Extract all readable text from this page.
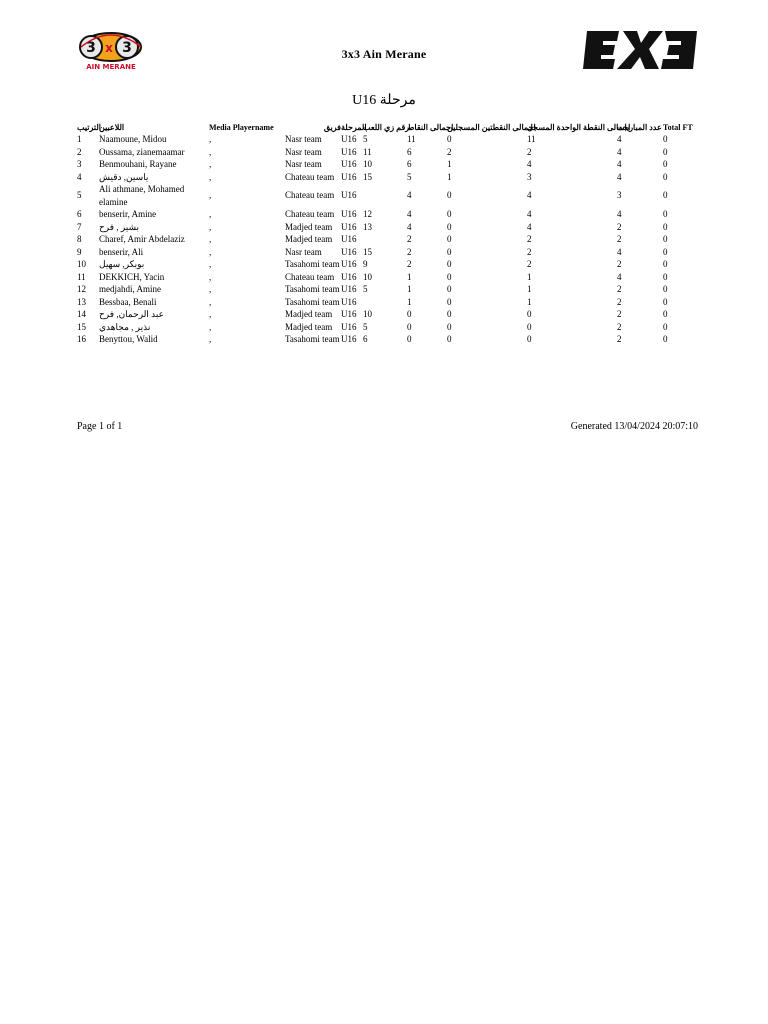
3 x 3
AIN MERANE
3x3 Ain Merane
مرحلة U16
الترتيب	اللاعبين	Media Playername	فريق	المرحلة	رقم زي اللعب	اجمالى النقاط	اجمالى النقطتين المسجلين	اجمالى النقطة الواحدة المسجل	عدد المباريات	Total FT
1	Naamoune, Midou	,	Nasr team	U16	5	11	0	11	4	0
2	Oussama, zianemaamar	,	Nasr team	U16	11	6	2	2	4	0
3	Benmouhani, Rayane	,	Nasr team	U16	10	6	1	4	4	0
4	ياسين, دقيش	,	Chateau team	U16	15	5	1	3	4	0
5	Ali athmane, Mohamed elamine	,	Chateau team	U16		4	0	4	3	0
6	benserir, Amine	,	Chateau team	U16	12	4	0	4	4	0
7	بشير , فرح	,	Madjed team	U16	13	4	0	4	2	0
8	Charef, Amir Abdelaziz	,	Madjed team	U16		2	0	2	2	0
9	benserir, Ali	,	Nasr team	U16	15	2	0	2	4	0
10	بوبكر, سهيل	,	Tasahomi team	U16	9	2	0	2	2	0
11	DEKKICH, Yacin	,	Chateau team	U16	10	1	0	1	4	0
12	medjahdi, Amine	,	Tasahomi team	U16	5	1	0	1	2	0
13	Bessbaa, Benali	,	Tasahomi team	U16		1	0	1	2	0
14	عبد الرحمان, فرح	,	Madjed team	U16	10	0	0	0	2	0
15	نذير , مجاهدي	,	Madjed team	U16	5	0	0	0	2	0
16	Benyttou, Walid	,	Tasahomi team	U16	6	0	0	0	2	0
Page 1 of 1	Generated 13/04/2024 20:07:10
